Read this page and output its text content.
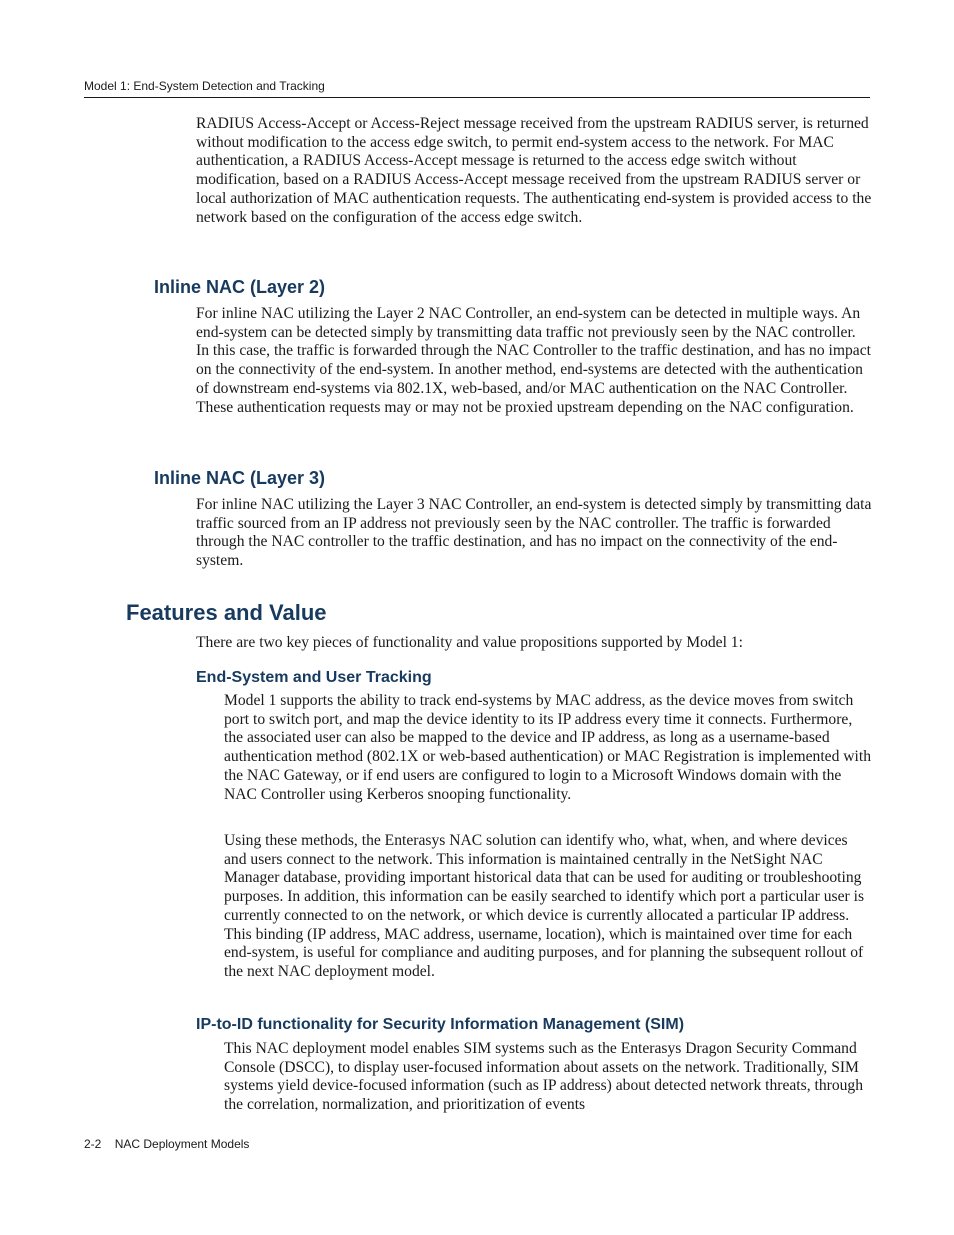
Model 1: End-System Detection and Tracking

RADIUS Access-Accept or Access-Reject message received from the upstream RADIUS server, is returned without modification to the access edge switch, to permit end-system access to the network. For MAC authentication, a RADIUS Access-Accept message is returned to the access edge switch without modification, based on a RADIUS Access-Accept message received from the upstream RADIUS server or local authorization of MAC authentication requests. The authenticating end-system is provided access to the network based on the configuration of the access edge switch.

Inline NAC (Layer 2)

For inline NAC utilizing the Layer 2 NAC Controller, an end-system can be detected in multiple ways. An end-system can be detected simply by transmitting data traffic not previously seen by the NAC controller. In this case, the traffic is forwarded through the NAC Controller to the traffic destination, and has no impact on the connectivity of the end-system. In another method, end-systems are detected with the authentication of downstream end-systems via 802.1X, web-based, and/or MAC authentication on the NAC Controller. These authentication requests may or may not be proxied upstream depending on the NAC configuration.

Inline NAC (Layer 3)

For inline NAC utilizing the Layer 3 NAC Controller, an end-system is detected simply by transmitting data traffic sourced from an IP address not previously seen by the NAC controller. The traffic is forwarded through the NAC controller to the traffic destination, and has no impact on the connectivity of the end-system.

Features and Value

There are two key pieces of functionality and value propositions supported by Model 1:

End-System and User Tracking

Model 1 supports the ability to track end-systems by MAC address, as the device moves from switch port to switch port, and map the device identity to its IP address every time it connects. Furthermore, the associated user can also be mapped to the device and IP address, as long as a username-based authentication method (802.1X or web-based authentication) or MAC Registration is implemented with the NAC Gateway, or if end users are configured to login to a Microsoft Windows domain with the NAC Controller using Kerberos snooping functionality.

Using these methods, the Enterasys NAC solution can identify who, what, when, and where devices and users connect to the network. This information is maintained centrally in the NetSight NAC Manager database, providing important historical data that can be used for auditing or troubleshooting purposes. In addition, this information can be easily searched to identify which port a particular user is currently connected to on the network, or which device is currently allocated a particular IP address. This binding (IP address, MAC address, username, location), which is maintained over time for each end-system, is useful for compliance and auditing purposes, and for planning the subsequent rollout of the next NAC deployment model.

IP-to-ID functionality for Security Information Management (SIM)

This NAC deployment model enables SIM systems such as the Enterasys Dragon Security Command Console (DSCC), to display user-focused information about assets on the network. Traditionally, SIM systems yield device-focused information (such as IP address) about detected network threats, through the correlation, normalization, and prioritization of events

2-2 NAC Deployment Models
